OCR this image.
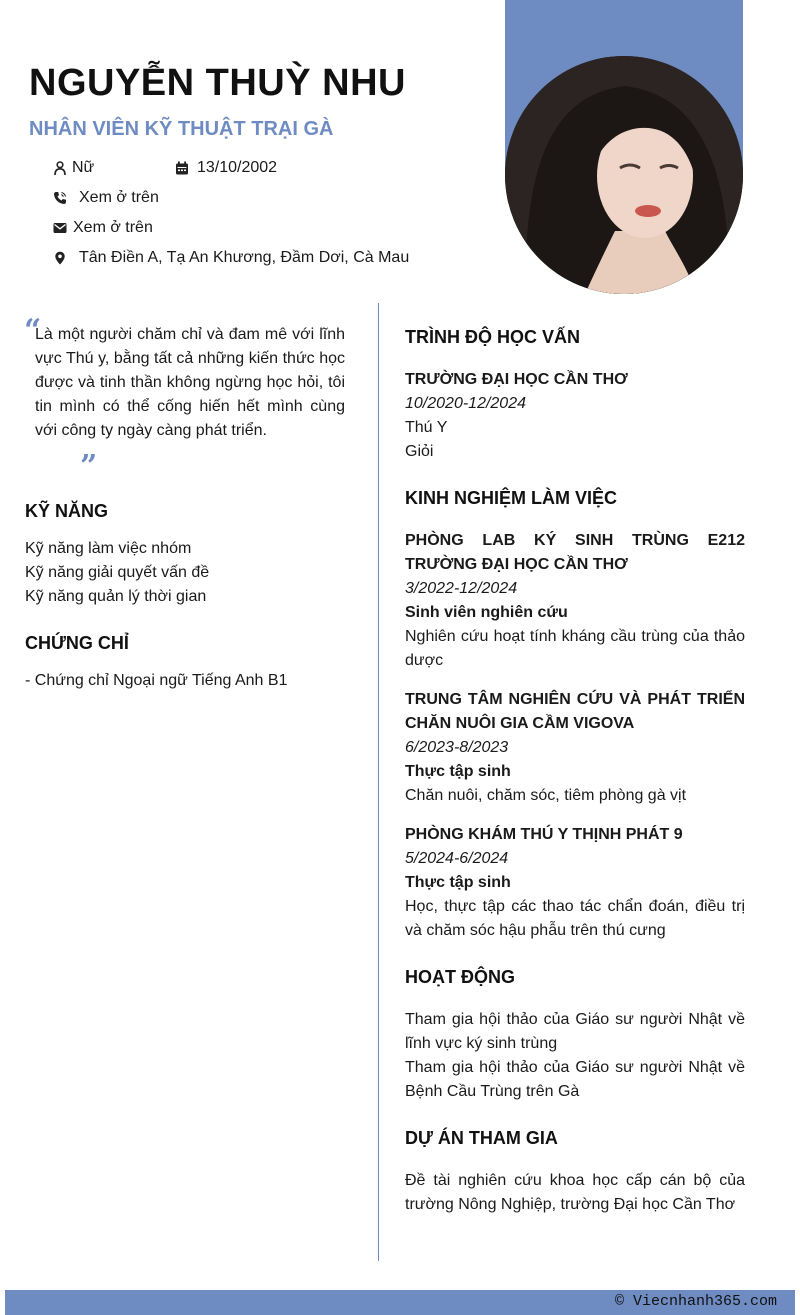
NGUYỄN THUỲ NHU
NHÂN VIÊN KỸ THUẬT TRẠI GÀ
Nữ	13/10/2002
Xem ở trên
Xem ở trên
Tân Điền A, Tạ An Khương, Đầm Dơi, Cà Mau
“
Là một người chăm chỉ và đam mê với lĩnh vực Thú y, bằng tất cả những kiến thức học được và tinh thần không ngừng học hỏi, tôi tin mình có thể cống hiến hết mình cùng với công ty ngày càng phát triển.
”
KỸ NĂNG
Kỹ năng làm việc nhóm
Kỹ năng giải quyết vấn đề
Kỹ năng quản lý thời gian
CHỨNG CHỈ
- Chứng chỉ Ngoại ngữ Tiếng Anh B1
TRÌNH ĐỘ HỌC VẤN
TRƯỜNG ĐẠI HỌC CẦN THƠ
10/2020-12/2024
Thú Y
Giỏi
KINH NGHIỆM LÀM VIỆC
PHÒNG LAB KÝ SINH TRÙNG E212 TRƯỜNG ĐẠI HỌC CẦN THƠ
3/2022-12/2024
Sinh viên nghiên cứu
Nghiên cứu hoạt tính kháng cầu trùng của thảo dược
TRUNG TÂM NGHIÊN CỨU VÀ PHÁT TRIỂN CHĂN NUÔI GIA CẦM VIGOVA
6/2023-8/2023
Thực tập sinh
Chăn nuôi, chăm sóc, tiêm phòng gà vịt
PHÒNG KHÁM THÚ Y THỊNH PHÁT 9
5/2024-6/2024
Thực tập sinh
Học, thực tập các thao tác chẩn đoán, điều trị và chăm sóc hậu phẫu trên thú cưng
HOẠT ĐỘNG
Tham gia hội thảo của Giáo sư người Nhật về lĩnh vực ký sinh trùng
Tham gia hội thảo của Giáo sư người Nhật về Bệnh Cầu Trùng trên Gà
DỰ ÁN THAM GIA
Đề tài nghiên cứu khoa học cấp cán bộ của trường Nông Nghiệp, trường Đại học Cần Thơ
© Viecnhanh365.com
